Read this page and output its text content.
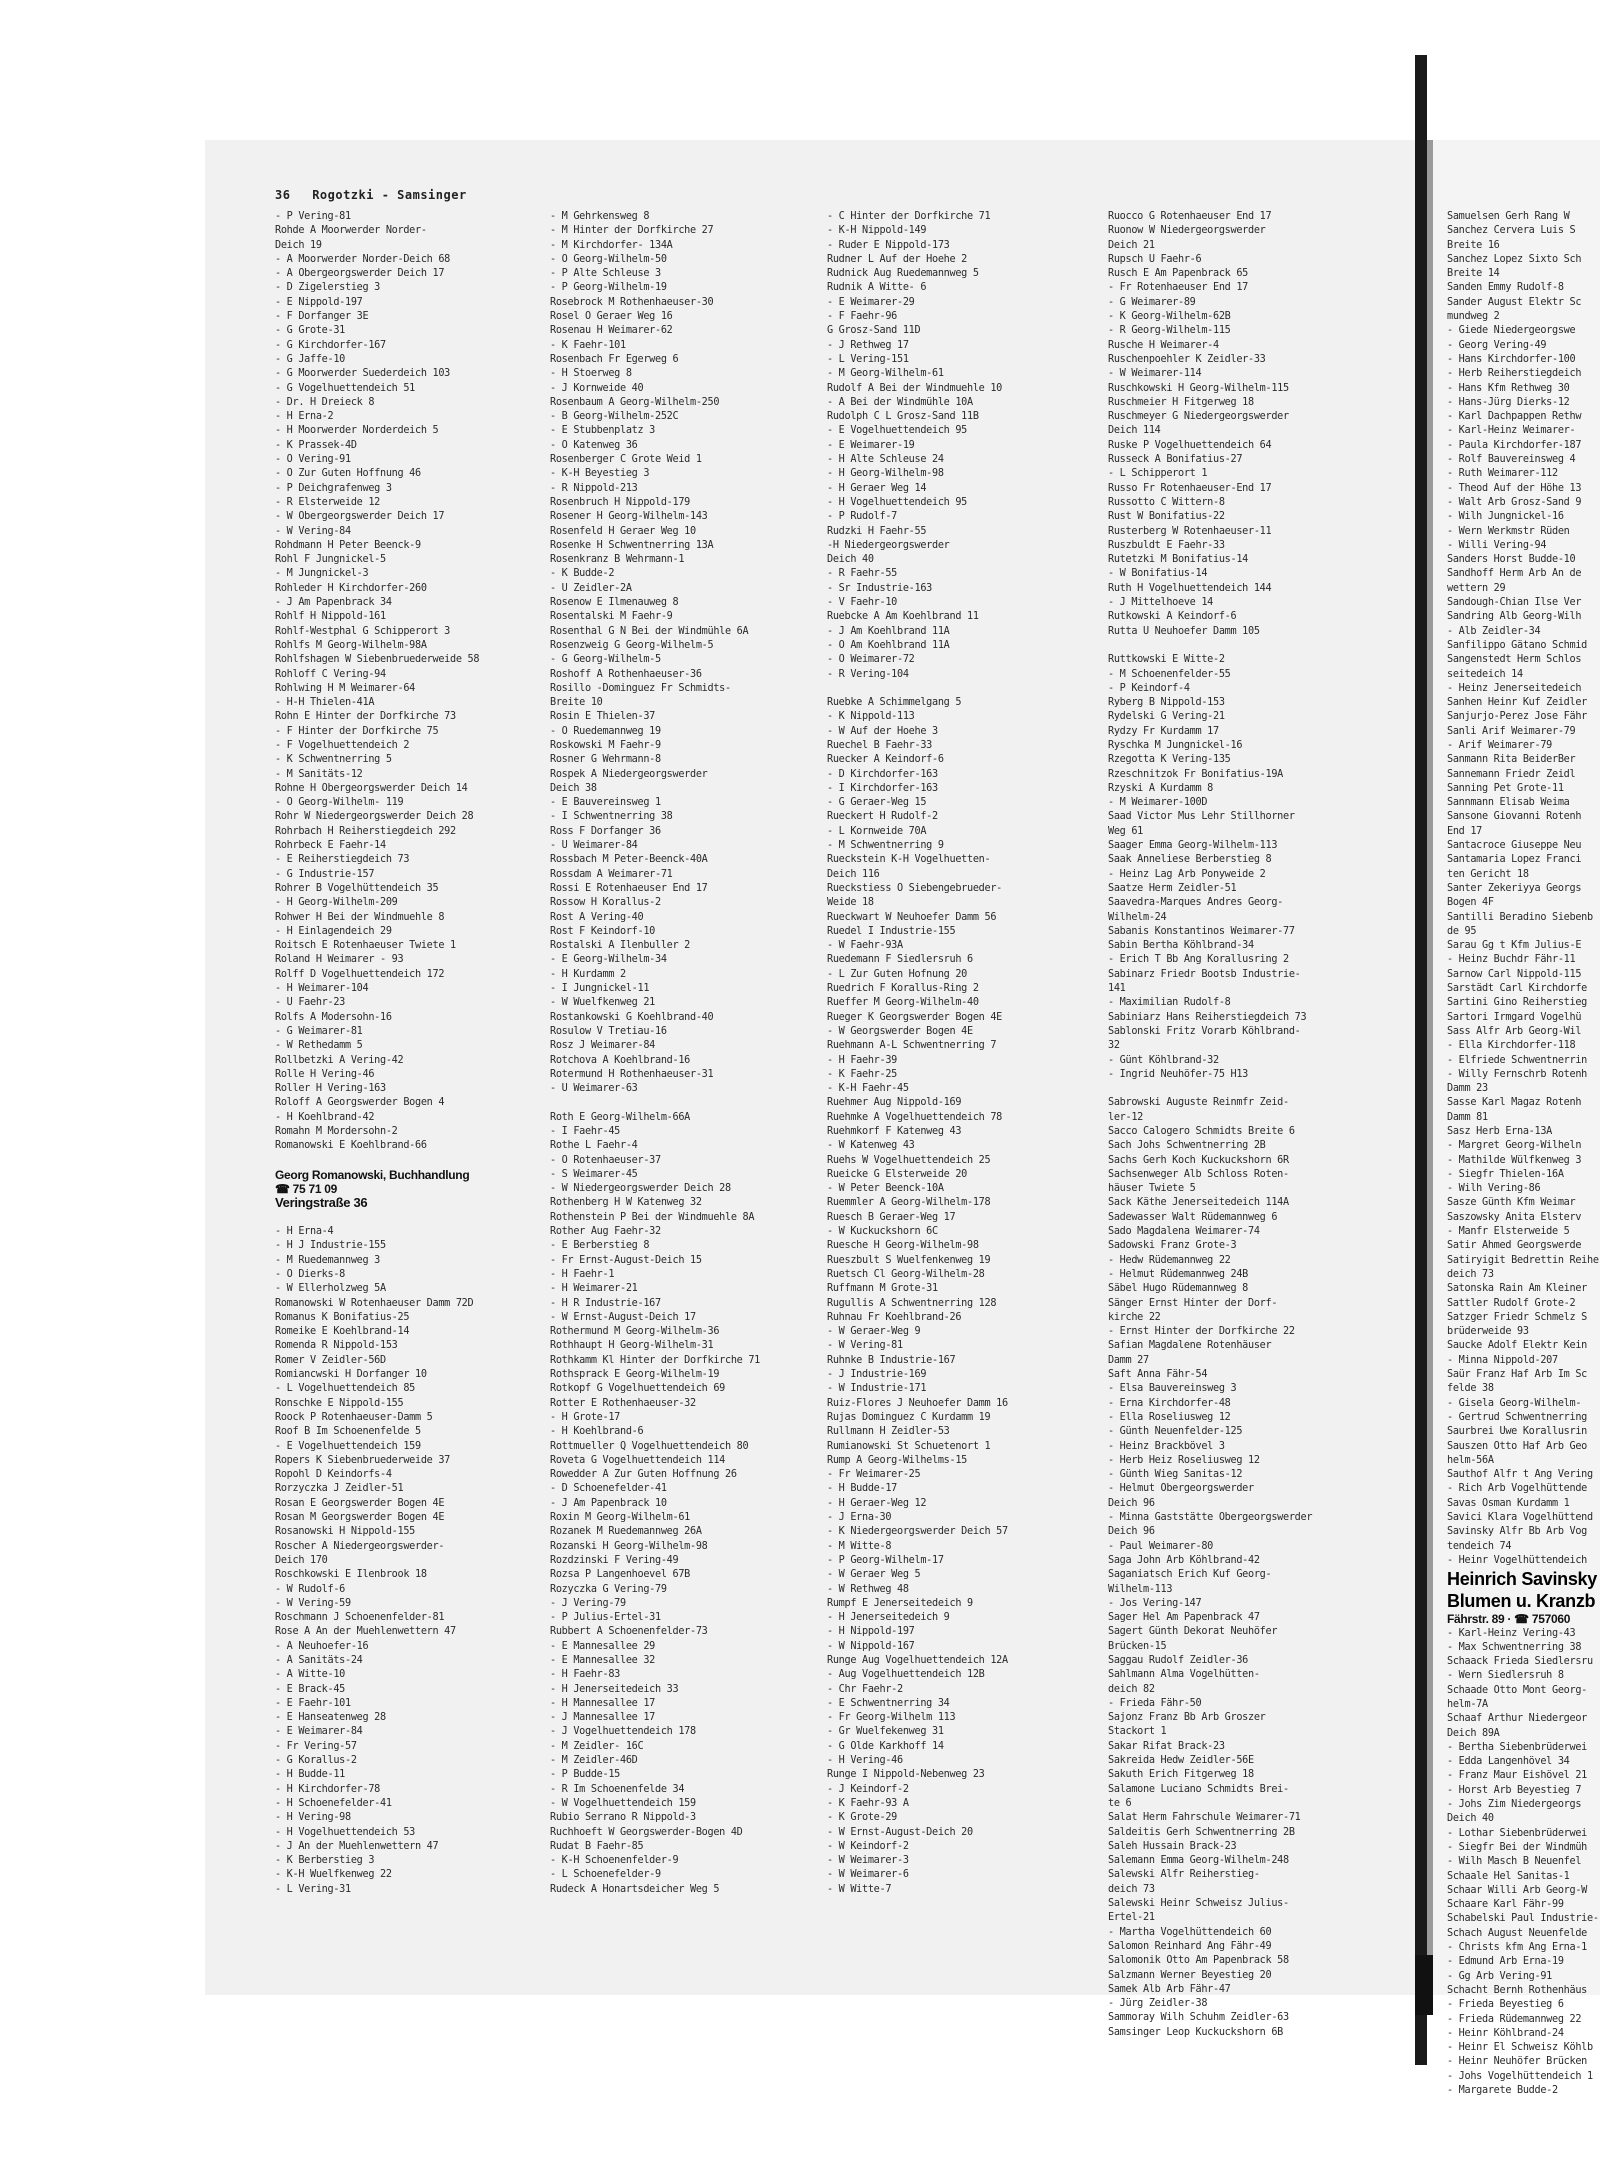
36 Rogotzki - Samsinger
- P Vering-81
Rohde A Moorwerder Norder-
Deich 19
- A Moorwerder Norder-Deich 68
- A Obergeorgswerder Deich 17
- D Zigelerstieg 3
- E Nippold-197
- F Dorfanger 3E
- G Grote-31
- G Kirchdorfer-167
- G Jaffe-10
- G Moorwerder Suederdeich 103
- G Vogelhuettendeich 51
- Dr. H Dreieck 8
- H Erna-2
- H Moorwerder Norderdeich 5
- K Prassek-4D
- O Vering-91
- O Zur Guten Hoffnung 46
- P Deichgrafenweg 3
- R Elsterweide 12
- W Obergeorgswerder Deich 17
- W Vering-84
Rohdmann H Peter Beenck-9
Rohl F Jungnickel-5
- M Jungnickel-3
Rohleder H Kirchdorfer-260
- J Am Papenbrack 34
Rohlf H Nippold-161
Rohlf-Westphal G Schipperort 3
Rohlfs M Georg-Wilhelm-98A
Rohlfshagen W Siebenbruederweide 58
Rohloff C Vering-94
Rohlwing H M Weimarer-64
- H-H Thielen-41A
Rohn E Hinter der Dorfkirche 73
- F Hinter der Dorfkirche 75
- F Vogelhuettendeich 2
- K Schwentnerring 5
- M Sanitäts-12
Rohne H Obergeorgswerder Deich 14
- O Georg-Wilhelm- 119
Rohr W Niedergeorgswerder Deich 28
Rohrbach H Reiherstiegdeich 292
Rohrbeck E Faehr-14
- E Reiherstiegdeich 73
- G Industrie-157
Rohrer B Vogelhüttendeich 35
- H Georg-Wilhelm-209
Rohwer H Bei der Windmuehle 8
- H Einlagendeich 29
Roitsch E Rotenhaeuser Twiete 1
Roland H Weimarer - 93
Rolff D Vogelhuettendeich 172
- H Weimarer-104
- U Faehr-23
Rolfs A Modersohn-16
- G Weimarer-81
- W Rethedamm 5
Rollbetzki A Vering-42
Rolle H Vering-46
Roller H Vering-163
Roloff A Georgswerder Bogen 4
- H Koehlbrand-42
Romahn M Mordersohn-2
Romanowski E Koehlbrand-66
Georg Romanowski, Buchhandlung
☎ 75 71 09
Veringstraße 36
- H Erna-4
- H J Industrie-155
- M Ruedemannweg 3
- O Dierks-8
- W Ellerholzweg 5A
Romanowski W Rotenhaeuser Damm 72D
Romanus K Bonifatius-25
Romeike E Koehlbrand-14
Romenda R Nippold-153
Romer V Zeidler-56D
Romiancwski H Dorfanger 10
- L Vogelhuettendeich 85
Ronschke E Nippold-155
Roock P Rotenhaeuser-Damm 5
Roof B Im Schoenenfelde 5
- E Vogelhuettendeich 159
Ropers K Siebenbruederweide 37
Ropohl D Keindorfs-4
Rorzyczka J Zeidler-51
Rosan E Georgswerder Bogen 4E
Rosan M Georgswerder Bogen 4E
Rosanowski H Nippold-155
Roscher A Niedergeorgswerder-
Deich 170
Roschkowski E Ilenbrook 18
- W Rudolf-6
- W Vering-59
Roschmann J Schoenenfelder-81
Rose A An der Muehlenwettern 47
- A Neuhoefer-16
- A Sanitäts-24
- A Witte-10
- E Brack-45
- E Faehr-101
- E Hanseatenweg 28
- E Weimarer-84
- Fr Vering-57
- G Korallus-2
- H Budde-11
- H Kirchdorfer-78
- H Schoenefelder-41
- H Vering-98
- H Vogelhuettendeich 53
- J An der Muehlenwettern 47
- K Berberstieg 3
- K-H Wuelfkenweg 22
- L Vering-31
- M Gehrkensweg 8
- M Hinter der Dorfkirche 27
- M Kirchdorfer- 134A
- O Georg-Wilhelm-50
- P Alte Schleuse 3
- P Georg-Wilhelm-19
Rosebrock M Rothenhaeuser-30
Rosel O Geraer Weg 16
Rosenau H Weimarer-62
- K Faehr-101
Rosenbach Fr Egerweg 6
- H Stoerweg 8
- J Kornweide 40
Rosenbaum A Georg-Wilhelm-250
- B Georg-Wilhelm-252C
- E Stubbenplatz 3
- O Katenweg 36
Rosenberger C Grote Weid 1
- K-H Beyestieg 3
- R Nippold-213
Rosenbruch H Nippold-179
Rosener H Georg-Wilhelm-143
Rosenfeld H Geraer Weg 10
Rosenke H Schwentnerring 13A
Rosenkranz B Wehrmann-1
- K Budde-2
- U Zeidler-2A
Rosenow E Ilmenauweg 8
Rosentalski M Faehr-9
Rosenthal G N Bei der Windmühle 6A
Rosenzweig G Georg-Wilhelm-5
- G Georg-Wilhelm-5
Roshoff A Rothenhaeuser-36
Rosillo -Dominguez Fr Schmidts-
Breite 10
Rosin E Thielen-37
- O Ruedemannweg 19
Roskowski M Faehr-9
Rosner G Wehrmann-8
Rospek A Niedergeorgswerder
Deich 38
- E Bauvereinsweg 1
- I Schwentnerring 38
Ross F Dorfanger 36
- U Weimarer-84
Rossbach M Peter-Beenck-40A
Rossdam A Weimarer-71
Rossi E Rotenhaeuser End 17
Rossow H Korallus-2
Rost A Vering-40
Rost F Keindorf-10
Rostalski A Ilenbuller 2
- E Georg-Wilhelm-34
- H Kurdamm 2
- I Jungnickel-11
- W Wuelfkenweg 21
Rostankowski G Koehlbrand-40
Rosulow V Tretiau-16
Rosz J Weimarer-84
Rotchova A Koehlbrand-16
Rotermund H Rothenhaeuser-31
- U Weimarer-63
Roth E Georg-Wilhelm-66A
- I Faehr-45
Rothe L Faehr-4
- O Rotenhaeuser-37
- S Weimarer-45
- W Niedergeorgswerder Deich 28
Rothenberg H W Katenweg 32
Rothenstein P Bei der Windmuehle 8A
Rother Aug Faehr-32
- E Berberstieg 8
- Fr Ernst-August-Deich 15
- H Faehr-1
- H Weimarer-21
- H R Industrie-167
- W Ernst-August-Deich 17
Rothermund M Georg-Wilhelm-36
Rothhaupt H Georg-Wilhelm-31
Rothkamm Kl Hinter der Dorfkirche 71
Rothsprack E Georg-Wilhelm-19
Rotkopf G Vogelhuettendeich 69
Rotter E Rothenhaeuser-32
- H Grote-17
- H Koehlbrand-6
Rottmueller Q Vogelhuettendeich 80
Roveta G Vogelhuettendeich 114
Rowedder A Zur Guten Hoffnung 26
- D Schoenefelder-41
- J Am Papenbrack 10
Roxin M Georg-Wilhelm-61
Rozanek M Ruedemannweg 26A
Rozanski H Georg-Wilhelm-98
Rozdzinski F Vering-49
Rozsa P Langenhoevel 67B
Rozyczka G Vering-79
- J Vering-79
- P Julius-Ertel-31
Rubbert A Schoenenfelder-73
- E Mannesallee 29
- E Mannesallee 32
- H Faehr-83
- H Jenerseitedeich 33
- H Mannesallee 17
- J Mannesallee 17
- J Vogelhuettendeich 178
- M Zeidler- 16C
- M Zeidler-46D
- P Budde-15
- R Im Schoenenfelde 34
- W Vogelhuettendeich 159
Rubio Serrano R Nippold-3
Ruchhoeft W Georgswerder-Bogen 4D
Rudat B Faehr-85
- K-H Schoenenfelder-9
- L Schoenefelder-9
Rudeck A Honartsdeicher Weg 5
- C Hinter der Dorfkirche 71
- K-H Nippold-149
- Ruder E Nippold-173
Rudner L Auf der Hoehe 2
Rudnick Aug Ruedemannweg 5
Rudnik A Witte- 6
- E Weimarer-29
- F Faehr-96
G Grosz-Sand 11D
- J Rethweg 17
- L Vering-151
- M Georg-Wilhelm-61
Rudolf A Bei der Windmuehle 10
- A Bei der Windmühle 10A
Rudolph C L Grosz-Sand 11B
- E Vogelhuettendeich 95
- E Weimarer-19
- H Alte Schleuse 24
- H Georg-Wilhelm-98
- H Geraer Weg 14
- H Vogelhuettendeich 95
- P Rudolf-7
Rudzki H Faehr-55
-H Niedergeorgswerder
Deich 40
- R Faehr-55
- Sr Industrie-163
- V Faehr-10
Ruebcke A Am Koehlbrand 11
- J Am Koehlbrand 11A
- O Am Koehlbrand 11A
- O Weimarer-72
- R Vering-104
Ruebke A Schimmelgang 5
- K Nippold-113
- W Auf der Hoehe 3
Ruechel B Faehr-33
Ruecker A Keindorf-6
- D Kirchdorfer-163
- I Kirchdorfer-163
- G Geraer-Weg 15
Rueckert H Rudolf-2
- L Kornweide 70A
- M Schwentnerring 9
Rueckstein K-H Vogelhuetten-
Deich 116
Rueckstiess O Siebengebrueder-
Weide 18
Rueckwart W Neuhoefer Damm 56
Ruedel I Industrie-155
- W Faehr-93A
Ruedemann F Siedlersruh 6
- L Zur Guten Hofnung 20
Ruedrich F Korallus-Ring 2
Rueffer M Georg-Wilhelm-40
Rueger K Georgswerder Bogen 4E
- W Georgswerder Bogen 4E
Ruehmann A-L Schwentnerring 7
- H Faehr-39
- K Faehr-25
- K-H Faehr-45
Ruehmer Aug Nippold-169
Ruehmke A Vogelhuettendeich 78
Ruehmkorf F Katenweg 43
- W Katenweg 43
Ruehs W Vogelhuettendeich 25
Rueicke G Elsterweide 20
- W Peter Beenck-10A
Ruemmler A Georg-Wilhelm-178
Ruesch B Geraer-Weg 17
- W Kuckuckshorn 6C
Ruesche H Georg-Wilhelm-98
Rueszbult S Wuelfenkenweg 19
Ruetsch Cl Georg-Wilhelm-28
Ruffmann M Grote-31
Rugullis A Schwentnerring 128
Ruhnau Fr Koehlbrand-26
- W Geraer-Weg 9
- W Vering-81
Ruhnke B Industrie-167
- J Industrie-169
- W Industrie-171
Ruiz-Flores J Neuhoefer Damm 16
Rujas Dominguez C Kurdamm 19
Rullmann H Zeidler-53
Rumianowski St Schuetenort 1
Rump A Georg-Wilhelms-15
- Fr Weimarer-25
- H Budde-17
- H Geraer-Weg 12
- J Erna-30
- K Niedergeorgswerder Deich 57
- M Witte-8
- P Georg-Wilhelm-17
- W Geraer Weg 5
- W Rethweg 48
Rumpf E Jenerseitedeich 9
- H Jenerseitedeich 9
- H Nippold-197
- W Nippold-167
Runge Aug Vogelhuettendeich 12A
- Aug Vogelhuettendeich 12B
- Chr Faehr-2
- E Schwentnerring 34
- Fr Georg-Wilhelm 113
- Gr Wuelfekenweg 31
- G Olde Karkhoff 14
- H Vering-46
Runge I Nippold-Nebenweg 23
- J Keindorf-2
- K Faehr-93 A
- K Grote-29
- W Ernst-August-Deich 20
- W Keindorf-2
- W Weimarer-3
- W Weimarer-6
- W Witte-7
Ruocco G Rotenhaeuser End 17
Ruonow W Niedergeorgswerder
Deich 21
Rupsch U Faehr-6
Rusch E Am Papenbrack 65
- Fr Rotenhaeuser End 17
- G Weimarer-89
- K Georg-Wilhelm-62B
- R Georg-Wilhelm-115
Rusche H Weimarer-4
Ruschenpoehler K Zeidler-33
- W Weimarer-114
Ruschkowski H Georg-Wilhelm-115
Ruschmeier H Fitgerweg 18
Ruschmeyer G Niedergeorgswerder
Deich 114
Ruske P Vogelhuettendeich 64
Russeck A Bonifatius-27
- L Schipperort 1
Russo Fr Rotenhaeuser-End 17
Russotto C Wittern-8
Rust W Bonifatius-22
Rusterberg W Rotenhaeuser-11
Ruszbuldt E Faehr-33
Rutetzki M Bonifatius-14
- W Bonifatius-14
Ruth H Vogelhuettendeich 144
- J Mittelhoeve 14
Rutkowski A Keindorf-6
Rutta U Neuhoefer Damm 105
Ruttkowski E Witte-2
- M Schoenenfelder-55
- P Keindorf-4
Ryberg B Nippold-153
Rydelski G Vering-21
Rydzy Fr Kurdamm 17
Ryschka M Jungnickel-16
Rzegotta K Vering-135
Rzeschnitzok Fr Bonifatius-19A
Rzyski A Kurdamm 8
- M Weimarer-100D
Saad Victor Mus Lehr Stillhorner
Weg 61
Saager Emma Georg-Wilhelm-113
Saak Anneliese Berberstieg 8
- Heinz Lag Arb Ponyweide 2
Saatze Herm Zeidler-51
Saavedra-Marques Andres Georg-
Wilhelm-24
Sabanis Konstantinos Weimarer-77
Sabin Bertha Köhlbrand-34
- Erich T Bb Ang Korallusring 2
Sabinarz Friedr Bootsb Industrie-
141
- Maximilian Rudolf-8
Sabiniarz Hans Reiherstiegdeich 73
Sablonski Fritz Vorarb Köhlbrand-
32
- Günt Köhlbrand-32
- Ingrid Neuhöfer-75 H13
Sabrowski Auguste Reinmfr Zeid-
ler-12
Sacco Calogero Schmidts Breite 6
Sach Johs Schwentnerring 2B
Sachs Gerh Koch Kuckuckshorn 6R
Sachsenweger Alb Schloss Roten-
häuser Twiete 5
Sack Käthe Jenerseitedeich 114A
Sadewasser Walt Rüdemannweg 6
Sado Magdalena Weimarer-74
Sadowski Franz Grote-3
- Hedw Rüdemannweg 22
- Helmut Rüdemannweg 24B
Säbel Hugo Rüdemannweg 8
Sänger Ernst Hinter der Dorf-
kirche 22
- Ernst Hinter der Dorfkirche 22
Safian Magdalene Rotenhäuser
Damm 27
Saft Anna Fähr-54
- Elsa Bauvereinsweg 3
- Erna Kirchdorfer-48
- Ella Roseliusweg 12
- Günth Neuenfelder-125
- Heinz Brackbövel 3
- Herb Heiz Roseliusweg 12
- Günth Wieg Sanitas-12
- Helmut Obergeorgswerder
Deich 96
- Minna Gaststätte Obergeorgswerder
Deich 96
- Paul Weimarer-80
Saga John Arb Köhlbrand-42
Saganiatsch Erich Kuf Georg-
Wilhelm-113
- Jos Vering-147
Sager Hel Am Papenbrack 47
Sagert Günth Dekorat Neuhöfer
Brücken-15
Saggau Rudolf Zeidler-36
Sahlmann Alma Vogelhütten-
deich 82
- Frieda Fähr-50
Sajonz Franz Bb Arb Groszer
Stackort 1
Sakar Rifat Brack-23
Sakreida Hedw Zeidler-56E
Sakuth Erich Fitgerweg 18
Salamone Luciano Schmidts Brei-
te 6
Salat Herm Fahrschule Weimarer-71
Saldeitis Gerh Schwentnerring 2B
Saleh Hussain Brack-23
Salemann Emma Georg-Wilhelm-248
Salewski Alfr Reiherstieg-
deich 73
Salewski Heinr Schweisz Julius-
Ertel-21
- Martha Vogelhüttendeich 60
Salomon Reinhard Ang Fähr-49
Salomonik Otto Am Papenbrack 58
Salzmann Werner Beyestieg 20
Samek Alb Arb Fähr-47
- Jürg Zeidler-38
Sammoray Wilh Schuhm Zeidler-63
Samsinger Leop Kuckuckshorn 6B
Samuelsen Gerh Rang W
Sanchez Cervera Luis S
Breite 16
Sanchez Lopez Sixto Sch
Breite 14
Sanden Emmy Rudolf-8
Sander August Elektr Sc
mundweg 2
- Giede Niedergeorgswe
- Georg Vering-49
- Hans Kirchdorfer-100
- Herb Reiherstiegdeich
- Hans Kfm Rethweg 30
- Hans-Jürg Dierks-12
- Karl Dachpappen Rethw
- Karl-Heinz Weimarer-
- Paula Kirchdorfer-187
- Rolf Bauvereinsweg 4
- Ruth Weimarer-112
- Theod Auf der Höhe 13
- Walt Arb Grosz-Sand 9
- Wilh Jungnickel-16
- Wern Werkmstr Rüden
- Willi Vering-94
Sanders Horst Budde-10
Sandhoff Herm Arb An de
wettern 29
Sandough-Chian Ilse Ver
Sandring Alb Georg-Wilh
- Alb Zeidler-34
Sanfilippo Gätano Schmid
Sangenstedt Herm Schlos
seitedeich 14
- Heinz Jenerseitedeich
Sanhen Heinr Kuf Zeidler
Sanjurjo-Perez Jose Fähr
Sanli Arif Weimarer-79
- Arif Weimarer-79
Sanmann Rita BeiderBer
Sannemann Friedr Zeidl
Sanning Pet Grote-11
Sannmann Elisab Weima
Sansone Giovanni Rotenh
End 17
Santacroce Giuseppe Neu
Santamaria Lopez Franci
ten Gericht 18
Santer Zekeriyya Georgs
Bogen 4F
Santilli Beradino Siebenb
de 95
Sarau Gg t Kfm Julius-E
- Heinz Buchdr Fähr-11
Sarnow Carl Nippold-115
Sarstädt Carl Kirchdorfe
Sartini Gino Reiherstieg
Sartori Irmgard Vogelhü
Sass Alfr Arb Georg-Wil
- Ella Kirchdorfer-118
- Elfriede Schwentnerrin
- Willy Fernschrb Rotenh
Damm 23
Sasse Karl Magaz Rotenh
Damm 81
Sasz Herb Erna-13A
- Margret Georg-Wilheln
- Mathilde Wülfkenweg 3
- Siegfr Thielen-16A
- Wilh Vering-86
Sasze Günth Kfm Weimar
Saszowsky Anita Elsterv
- Manfr Elsterweide 5
Satir Ahmed Georgswerde
Satiryigit Bedrettin Reihe
deich 73
Satonska Rain Am Kleiner
Sattler Rudolf Grote-2
Satzger Friedr Schmelz S
brüderweide 93
Saucke Adolf Elektr Kein
- Minna Nippold-207
Saür Franz Haf Arb Im Sc
felde 38
- Gisela Georg-Wilhelm-
- Gertrud Schwentnerring
Saurbrei Uwe Korallusrin
Sauszen Otto Haf Arb Geo
helm-56A
Sauthof Alfr t Ang Vering
- Rich Arb Vogelhüttende
Savas Osman Kurdamm 1
Savici Klara Vogelhüttend
Savinsky Alfr Bb Arb Vog
tendeich 74
- Heinr Vogelhüttendeich
Heinrich Savinsky
Blumen u. Kranzb
Fährstr. 89 · ☎ 757060
- Karl-Heinz Vering-43
- Max Schwentnerring 38
Schaack Frieda Siedlersru
- Wern Siedlersruh 8
Schaade Otto Mont Georg-
helm-7A
Schaaf Arthur Niedergeor
Deich 89A
- Bertha Siebenbrüderwei
- Edda Langenhövel 34
- Franz Maur Eishövel 21
- Horst Arb Beyestieg 7
- Johs Zim Niedergeorgs
Deich 40
- Lothar Siebenbrüderwei
- Siegfr Bei der Windmüh
- Wilh Masch B Neuenfel
Schaale Hel Sanitas-1
Schaar Willi Arb Georg-W
Schaare Karl Fähr-99
Schabelski Paul Industrie-
Schach August Neuenfelde
- Christs kfm Ang Erna-1
- Edmund Arb Erna-19
- Gg Arb Vering-91
Schacht Bernh Rothenhäus
- Frieda Beyestieg 6
- Frieda Rüdemannweg 22
- Heinr Köhlbrand-24
- Heinr El Schweisz Köhlb
- Heinr Neuhöfer Brücken
- Johs Vogelhüttendeich 1
- Margarete Budde-2
